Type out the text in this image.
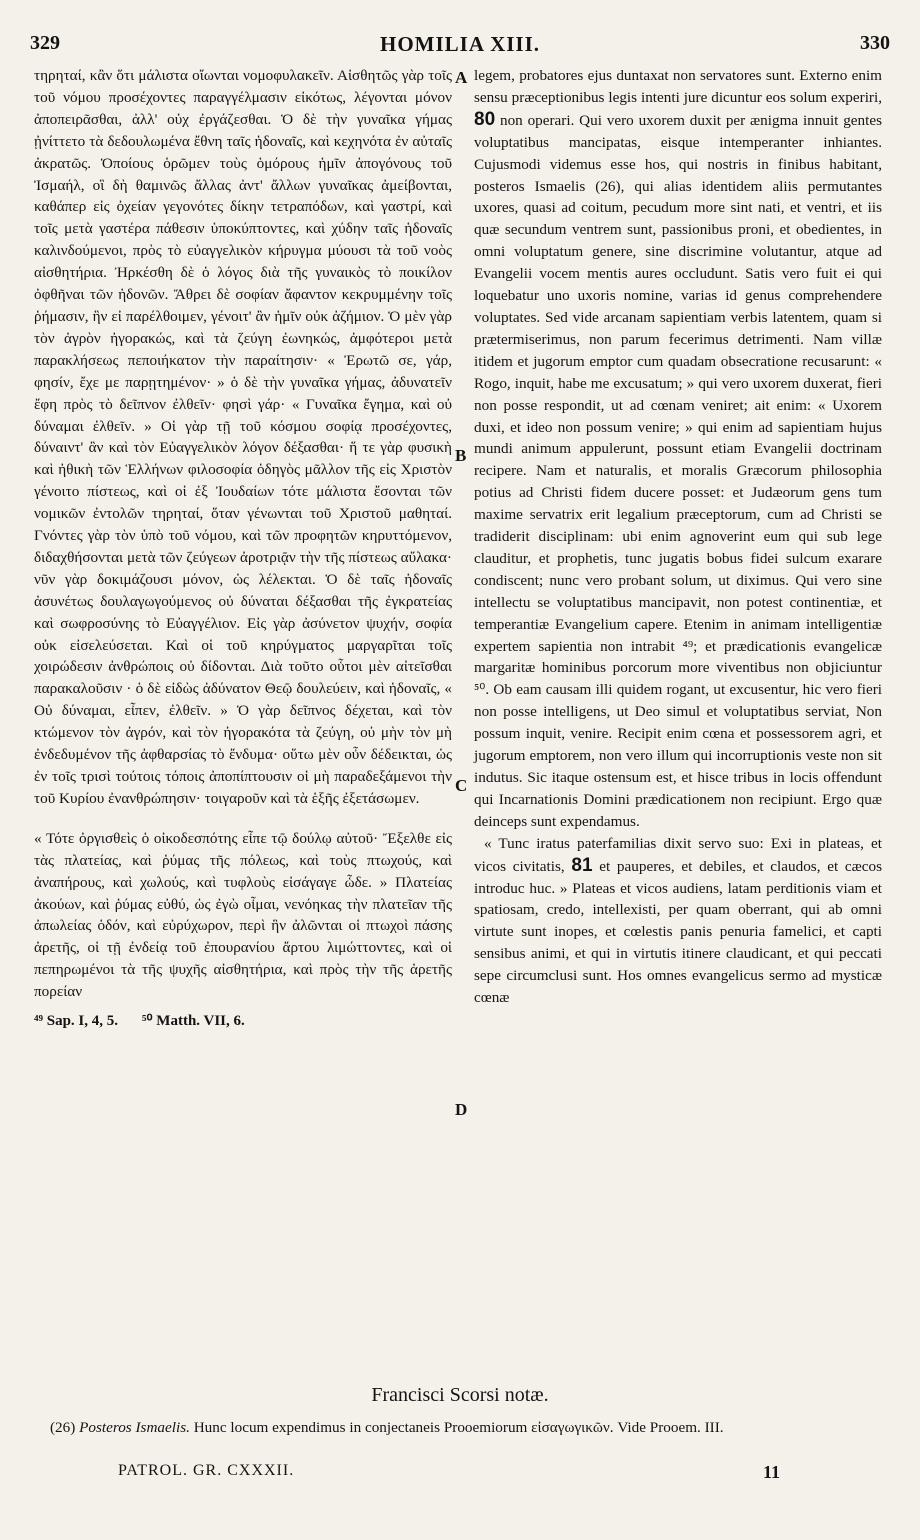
329	HOMILIA XIII.	330

τηρηταί, κἂν ὅτι μάλιστα οἴωνται νομοφυλακεῖν. Αἰσθητῶς γὰρ τοῖς τοῦ νόμου προσέχοντες παραγγέλμασιν εἰκότως, λέγονται μόνον ἀποπειρᾶσθαι, ἀλλ' οὐχ ἐργάζεσθαι. Ὁ δὲ τὴν γυναῖκα γήμας ᾐνίττετο τὰ δεδουλωμένα ἔθνη ταῖς ἡδοναῖς, καὶ κεχηνότα ἐν αὐταῖς ἀκρατῶς. Ὁποίους ὁρῶμεν τοὺς ὁμόρους ἡμῖν ἀπογόνους τοῦ Ἰσμαήλ, οἳ δὴ θαμινῶς ἄλλας ἀντ' ἄλλων γυναῖκας ἀμείβονται, καθάπερ εἰς ὀχείαν γεγονότες δίκην τετραπόδων, καὶ γαστρί, καὶ τοῖς μετὰ γαστέρα πάθεσιν ὑποκύπτοντες, καὶ χύδην ταῖς ἡδοναῖς καλινδούμενοι, πρὸς τὸ εὐαγγελικὸν κήρυγμα μύουσι τὰ τοῦ νοὸς αἰσθητήρια. Ἠρκέσθη δὲ ὁ λόγος διὰ τῆς γυναικὸς τὸ ποικίλον ὀφθῆναι τῶν ἡδονῶν. Ἄθρει δὲ σοφίαν ἄφαντον κεκρυμμένην τοῖς ῥήμασιν, ἣν εἰ παρέλθοιμεν, γένοιτ' ἂν ἡμῖν οὐκ ἀζήμιον. Ὁ μὲν γὰρ τὸν ἀγρὸν ἠγορακώς, καὶ τὰ ζεύγη ἐωνηκώς, ἀμφότεροι μετὰ παρακλήσεως πεποιήκατον τὴν παραίτησιν· « Ἐρωτῶ σε, γάρ, φησίν, ἔχε με παρῃτημένον· » ὁ δὲ τὴν γυναῖκα γήμας, ἀδυνατεῖν ἔφη πρὸς τὸ δεῖπνον ἐλθεῖν· φησὶ γάρ· « Γυναῖκα ἔγημα, καὶ οὐ δύναμαι ἐλθεῖν. » Οἱ γὰρ τῇ τοῦ κόσμου σοφίᾳ προσέχοντες, δύναιντ' ἂν καὶ τὸν Εὐαγγελικὸν λόγον δέξασθαι· ἥ τε γὰρ φυσικὴ καὶ ἠθικὴ τῶν Ἑλλήνων φιλοσοφία ὁδηγὸς μᾶλλον τῆς εἰς Χριστὸν γένοιτο πίστεως, καὶ οἱ ἐξ Ἰουδαίων τότε μάλιστα ἔσονται τῶν νομικῶν ἐντολῶν τηρηταί, ὅταν γένωνται τοῦ Χριστοῦ μαθηταί. Γνόντες γὰρ τὸν ὑπὸ τοῦ νόμου, καὶ τῶν προφητῶν κηρυττόμενον, διδαχθήσονται μετὰ τῶν ζεύγεων ἀροτριᾷν τὴν τῆς πίστεως αὔλακα· νῦν γὰρ δοκιμάζουσι μόνον, ὡς λέλεκται. Ὁ δὲ ταῖς ἡδοναῖς ἀσυνέτως δουλαγωγούμενος οὐ δύναται δέξασθαι τῆς ἐγκρατείας καὶ σωφροσύνης τὸ Εὐαγγέλιον. Εἰς γὰρ ἀσύνετον ψυχήν, σοφία οὐκ εἰσελεύσεται. Καὶ οἱ τοῦ κηρύγματος μαργαρῖται τοῖς χοιρώδεσιν ἀνθρώποις οὐ δίδονται. Διὰ τοῦτο οὗτοι μὲν αἰτεῖσθαι παρακαλοῦσιν · ὁ δὲ εἰδὼς ἀδύνατον Θεῷ δουλεύειν, καὶ ἡδοναῖς, « Οὐ δύναμαι, εἶπεν, ἐλθεῖν. » Ὁ γὰρ δεῖπνος δέχεται, καὶ τὸν κτώμενον τὸν ἀγρόν, καὶ τὸν ἠγορακότα τὰ ζεύγη, οὐ μὴν τὸν μὴ ἐνδεδυμένον τῆς ἀφθαρσίας τὸ ἔνδυμα· οὕτω μὲν οὖν δέδεικται, ὡς ἐν τοῖς τρισὶ τούτοις τόποις ἀποπίπτουσιν οἱ μὴ παραδεξάμενοι τὴν τοῦ Κυρίου ἐνανθρώπησιν· τοιγαροῦν καὶ τὰ ἑξῆς ἐξετάσωμεν.

« Τότε ὀργισθεὶς ὁ οἰκοδεσπότης εἶπε τῷ δούλῳ αὐτοῦ· Ἔξελθε εἰς τὰς πλατείας, καὶ ῥύμας τῆς πόλεως, καὶ τοὺς πτωχούς, καὶ ἀναπήρους, καὶ χωλούς, καὶ τυφλοὺς εἰσάγαγε ὧδε. » Πλατείας ἀκούων, καὶ ῥύμας εὐθύ, ὡς ἐγὼ οἶμαι, νενόηκας τὴν πλατεῖαν τῆς ἀπωλείας ὁδόν, καὶ εὐρύχωρον, περὶ ἣν ἀλῶνται οἱ πτωχοὶ πάσης ἀρετῆς, οἱ τῇ ἐνδείᾳ τοῦ ἐπουρανίου ἄρτου λιμώττοντες, καὶ οἱ πεπηρωμένοι τὰ τῆς ψυχῆς αἰσθητήρια, καὶ πρὸς τὴν τῆς ἀρετῆς πορείαν

⁴⁹ Sap. I, 4, 5. ⁵⁰ Matth. VII, 6.
A
B
C
D

legem, probatores ejus duntaxat non servatores sunt. Externo enim sensu præceptionibus legis intenti jure dicuntur eos solum experiri, 80 non operari. Qui vero uxorem duxit per ænigma innuit gentes voluptatibus mancipatas, eisque intemperanter inhiantes. Cujusmodi videmus esse hos, qui nostris in finibus habitant, posteros Ismaelis (26), qui alias identidem aliis permutantes uxores, quasi ad coitum, pecudum more sint nati, et ventri, et iis quæ secundum ventrem sunt, passionibus proni, et obedientes, in omni voluptatum genere, sine discrimine volutantur, atque ad Evangelii vocem mentis aures occludunt. Satis vero fuit ei qui loquebatur uno uxoris nomine, varias id genus comprehendere voluptates. Sed vide arcanam sapientiam verbis latentem, quam si prætermiserimus, non parum fecerimus detrimenti. Nam villæ itidem et jugorum emptor cum quadam obsecratione recusarunt: « Rogo, inquit, habe me excusatum; » qui vero uxorem duxerat, fieri non posse respondit, ut ad cœnam veniret; ait enim: « Uxorem duxi, et ideo non possum venire; » qui enim ad sapientiam hujus mundi animum appulerunt, possunt etiam Evangelii doctrinam recipere. Nam et naturalis, et moralis Græcorum philosophia potius ad Christi fidem ducere posset: et Judæorum gens tum maxime servatrix erit legalium præceptorum, cum ad Christi se tradiderit disciplinam: ubi enim agnoverint eum qui sub lege clauditur, et prophetis, tunc jugatis bobus fidei sulcum exarare condiscent; nunc vero probant solum, ut diximus. Qui vero sine intellectu se voluptatibus mancipavit, non potest continentiæ, et temperantiæ Evangelium capere. Etenim in animam intelligentiæ expertem sapientia non intrabit ⁴⁹; et prædicationis evangelicæ margaritæ hominibus porcorum more viventibus non objiciuntur ⁵⁰. Ob eam causam illi quidem rogant, ut excusentur, hic vero fieri non posse intelligens, ut Deo simul et voluptatibus serviat, Non possum inquit, venire. Recipit enim cœna et possessorem agri, et jugorum emptorem, non vero illum qui incorruptionis veste non sit indutus. Sic itaque ostensum est, et hisce tribus in locis offendunt qui Incarnationis Domini prædicationem non recipiunt. Ergo quæ deinceps sunt expendamus.

« Tunc iratus paterfamilias dixit servo suo: Exi in plateas, et vicos civitatis, 81 et pauperes, et debiles, et claudos, et cæcos introduc huc. » Plateas et vicos audiens, latam perditionis viam et spatiosam, credo, intellexisti, per quam oberrant, qui ab omni virtute sunt inopes, et cœlestis panis penuria famelici, et capti sensibus animi, et qui in virtutis itinere claudicant, et qui peccati sepe circumclusi sunt. Hos omnes evangelicus sermo ad mysticæ cœnæ

Francisci Scorsi notæ.
(26) Posteros Ismaelis. Hunc locum expendimus in conjectaneis Prooemiorum εἰσαγωγικῶν. Vide Prooem. III.
PATROL. GR. CXXXII.	11
